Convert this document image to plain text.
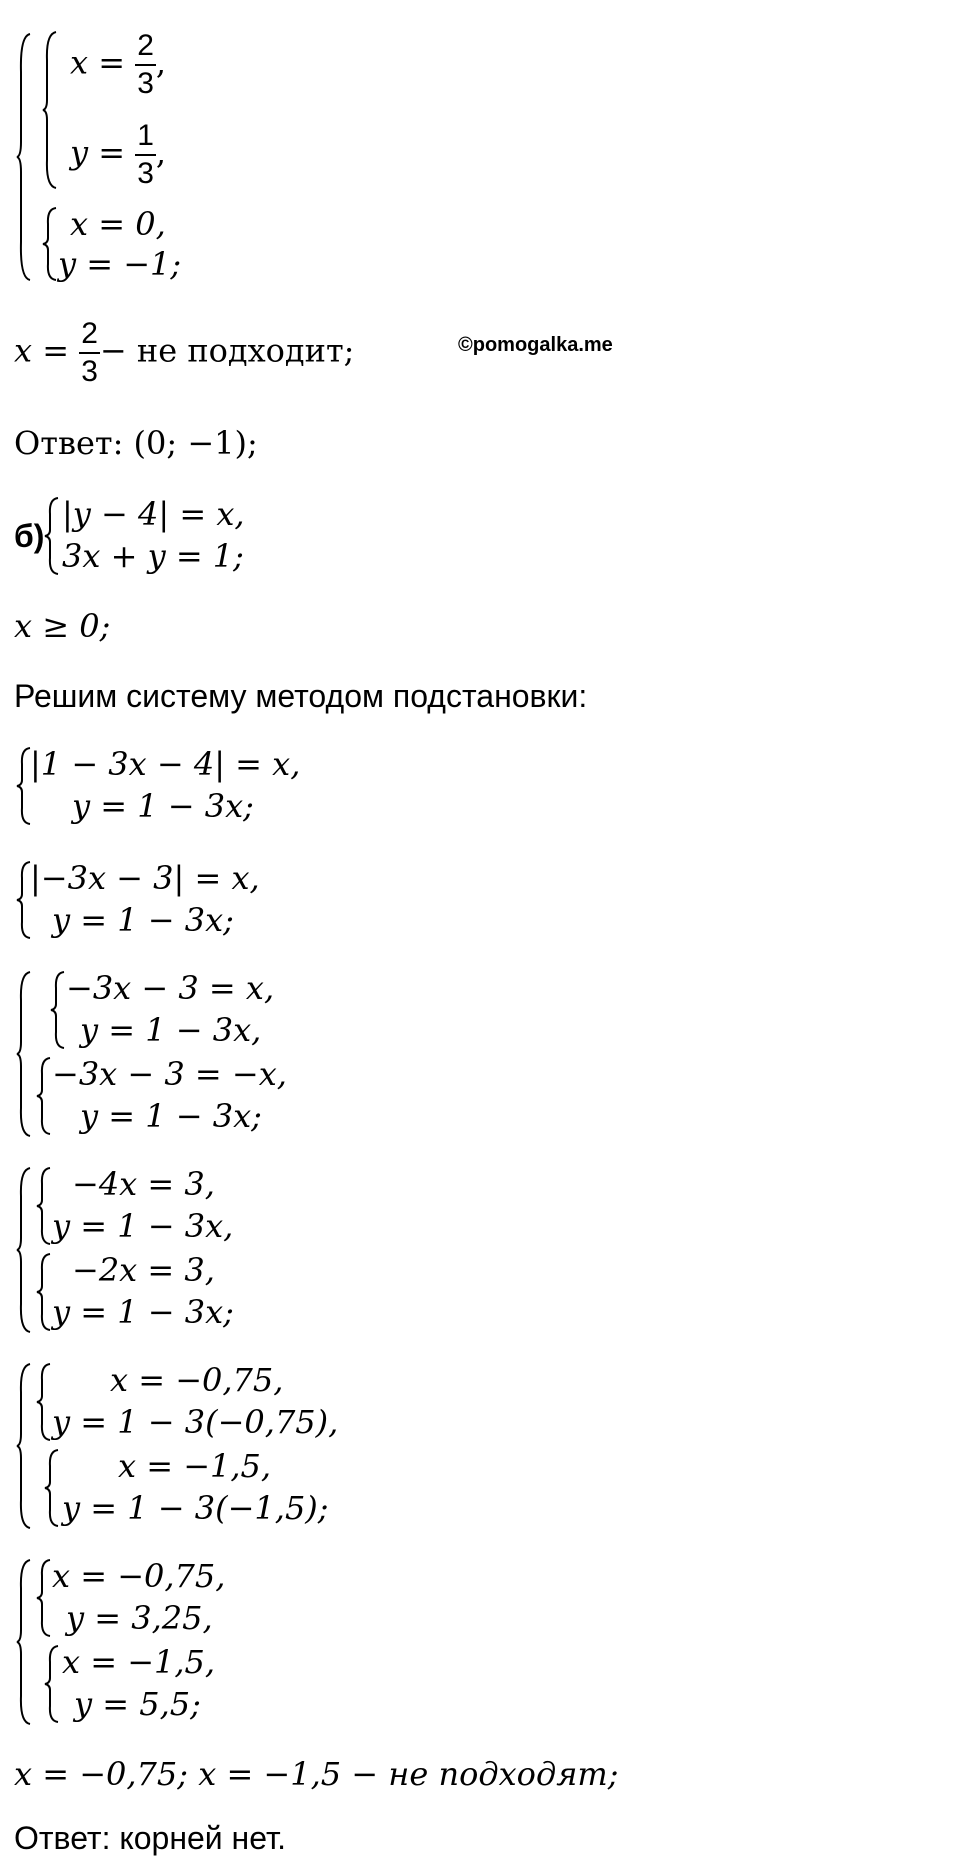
$x = \frac{2}{3}$ ,
$y = \frac{1}{3}$ ,
x = 0,
y = −1;
$x = \frac{2}{3}$ − не подходит;	©pomogalka.me
Ответ: (0; −1);
б)
|y − 4| = x,
3x + y = 1;
x ≥ 0;
Решим систему методом подстановки:
|1 − 3x − 4| = x,
y = 1 − 3x;
|−3x − 3| = x,
y = 1 − 3x;
−3x − 3 = x,
y = 1 − 3x,
−3x − 3 = −x,
y = 1 − 3x;
−4x = 3,
y = 1 − 3x,
−2x = 3,
y = 1 − 3x;
x = −0,75,
y = 1 − 3(−0,75),
x = −1,5,
y = 1 − 3(−1,5);
x = −0,75,
y = 3,25,
x = −1,5,
y = 5,5;
x = −0,75; x = −1,5 − не подходят;
Ответ: корней нет.
